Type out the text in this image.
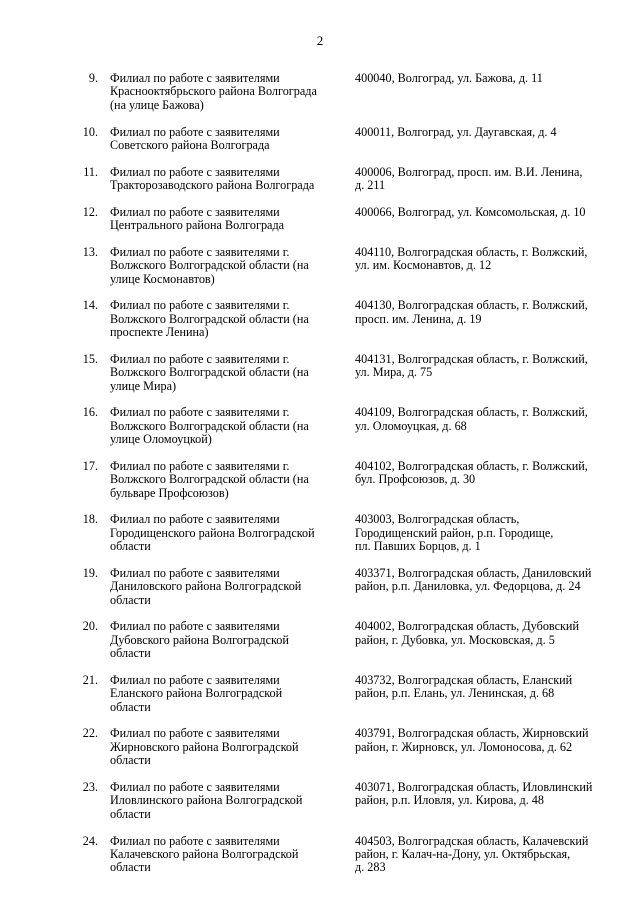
2
9. Филиал по работе с заявителями
Краснооктябрьского района Волгограда
(на улице Бажова)
400040, Волгоград, ул. Бажова, д. 11
10. Филиал по работе с заявителями
Советского района Волгограда
400011, Волгоград, ул. Даугавская, д. 4
11. Филиал по работе с заявителями
Тракторозаводского района Волгограда
400006, Волгоград, просп. им. В.И. Ленина,
д. 211
12. Филиал по работе с заявителями
Центрального района Волгограда
400066, Волгоград, ул. Комсомольская, д. 10
13. Филиал по работе с заявителями г.
Волжского Волгоградской области (на
улице Космонавтов)
404110, Волгоградская область, г. Волжский,
ул. им. Космонавтов, д. 12
14. Филиал по работе с заявителями г.
Волжского Волгоградской области (на
проспекте Ленина)
404130, Волгоградская область, г. Волжский,
просп. им. Ленина, д. 19
15. Филиал по работе с заявителями г.
Волжского Волгоградской области (на
улице Мира)
404131, Волгоградская область, г. Волжский,
ул. Мира, д. 75
16. Филиал по работе с заявителями г.
Волжского Волгоградской области (на
улице Оломоуцкой)
404109, Волгоградская область, г. Волжский,
ул. Оломоуцкая, д. 68
17. Филиал по работе с заявителями г.
Волжского Волгоградской области (на
бульваре Профсоюзов)
404102, Волгоградская область, г. Волжский,
бул. Профсоюзов, д. 30
18. Филиал по работе с заявителями
Городищенского района Волгоградской
области
403003, Волгоградская область,
Городищенский район, р.п. Городище,
пл. Павших Борцов, д. 1
19. Филиал по работе с заявителями
Даниловского района Волгоградской
области
403371, Волгоградская область, Даниловский
район, р.п. Даниловка, ул. Федорцова, д. 24
20. Филиал по работе с заявителями
Дубовского района Волгоградской
области
404002, Волгоградская область, Дубовский
район, г. Дубовка, ул. Московская, д. 5
21. Филиал по работе с заявителями
Еланского района Волгоградской
области
403732, Волгоградская область, Еланский
район, р.п. Елань, ул. Ленинская, д. 68
22. Филиал по работе с заявителями
Жирновского района Волгоградской
области
403791, Волгоградская область, Жирновский
район, г. Жирновск, ул. Ломоносова, д. 62
23. Филиал по работе с заявителями
Иловлинского района Волгоградской
области
403071, Волгоградская область, Иловлинский
район, р.п. Иловля, ул. Кирова, д. 48
24. Филиал по работе с заявителями
Калачевского района Волгоградской
области
404503, Волгоградская область, Калачевский
район, г. Калач-на-Дону, ул. Октябрьская,
д. 283
